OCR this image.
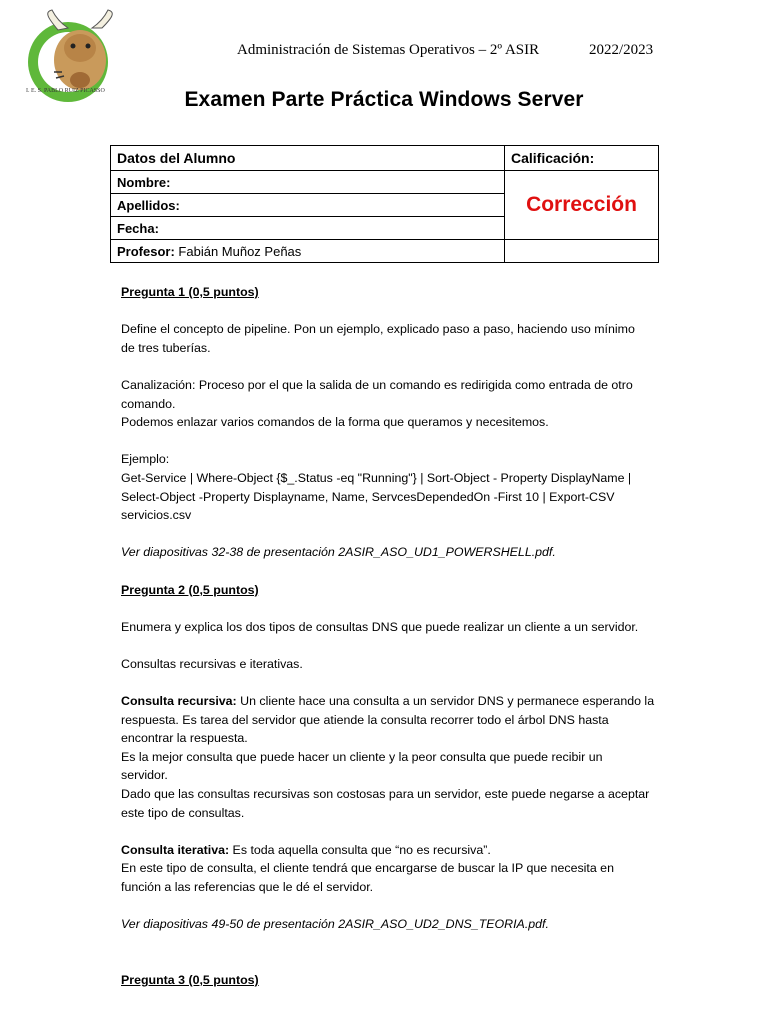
I. E. S. PABLO RUIZ PICASSO
Administración de Sistemas Operativos – 2º ASIR	2022/2023
Examen Parte Práctica Windows Server
Datos del Alumno	Calificación:
Nombre:	Corrección
Apellidos:	
Fecha:	
Profesor: Fabián Muñoz Peñas	

Pregunta 1 (0,5 puntos)

Define el concepto de pipeline. Pon un ejemplo, explicado paso a paso, haciendo uso mínimo
de tres tuberías.

Canalización: Proceso por el que la salida de un comando es redirigida como entrada de otro
comando.

Podemos enlazar varios comandos de la forma que queramos y necesitemos.

Ejemplo:
Get-Service | Where-Object {$_.Status -eq "Running"} | Sort-Object - Property DisplayName |
Select-Object -Property Displayname, Name, ServcesDependedOn -First 10 | Export-CSV
servicios.csv

Ver diapositivas 32-38 de presentación 2ASIR_ASO_UD1_POWERSHELL.pdf.

Pregunta 2 (0,5 puntos)

Enumera y explica los dos tipos de consultas DNS que puede realizar un cliente a un servidor.

Consultas recursivas e iterativas.

Consulta recursiva: Un cliente hace una consulta a un servidor DNS y permanece esperando la
respuesta. Es tarea del servidor que atiende la consulta recorrer todo el árbol DNS hasta
encontrar la respuesta.
Es la mejor consulta que puede hacer un cliente y la peor consulta que puede recibir un
servidor.
Dado que las consultas recursivas son costosas para un servidor, este puede negarse a aceptar
este tipo de consultas.

Consulta iterativa: Es toda aquella consulta que “no es recursiva”.
En este tipo de consulta, el cliente tendrá que encargarse de buscar la IP que necesita en
función a las referencias que le dé el servidor.

Ver diapositivas 49-50 de presentación 2ASIR_ASO_UD2_DNS_TEORIA.pdf.

Pregunta 3 (0,5 puntos)
